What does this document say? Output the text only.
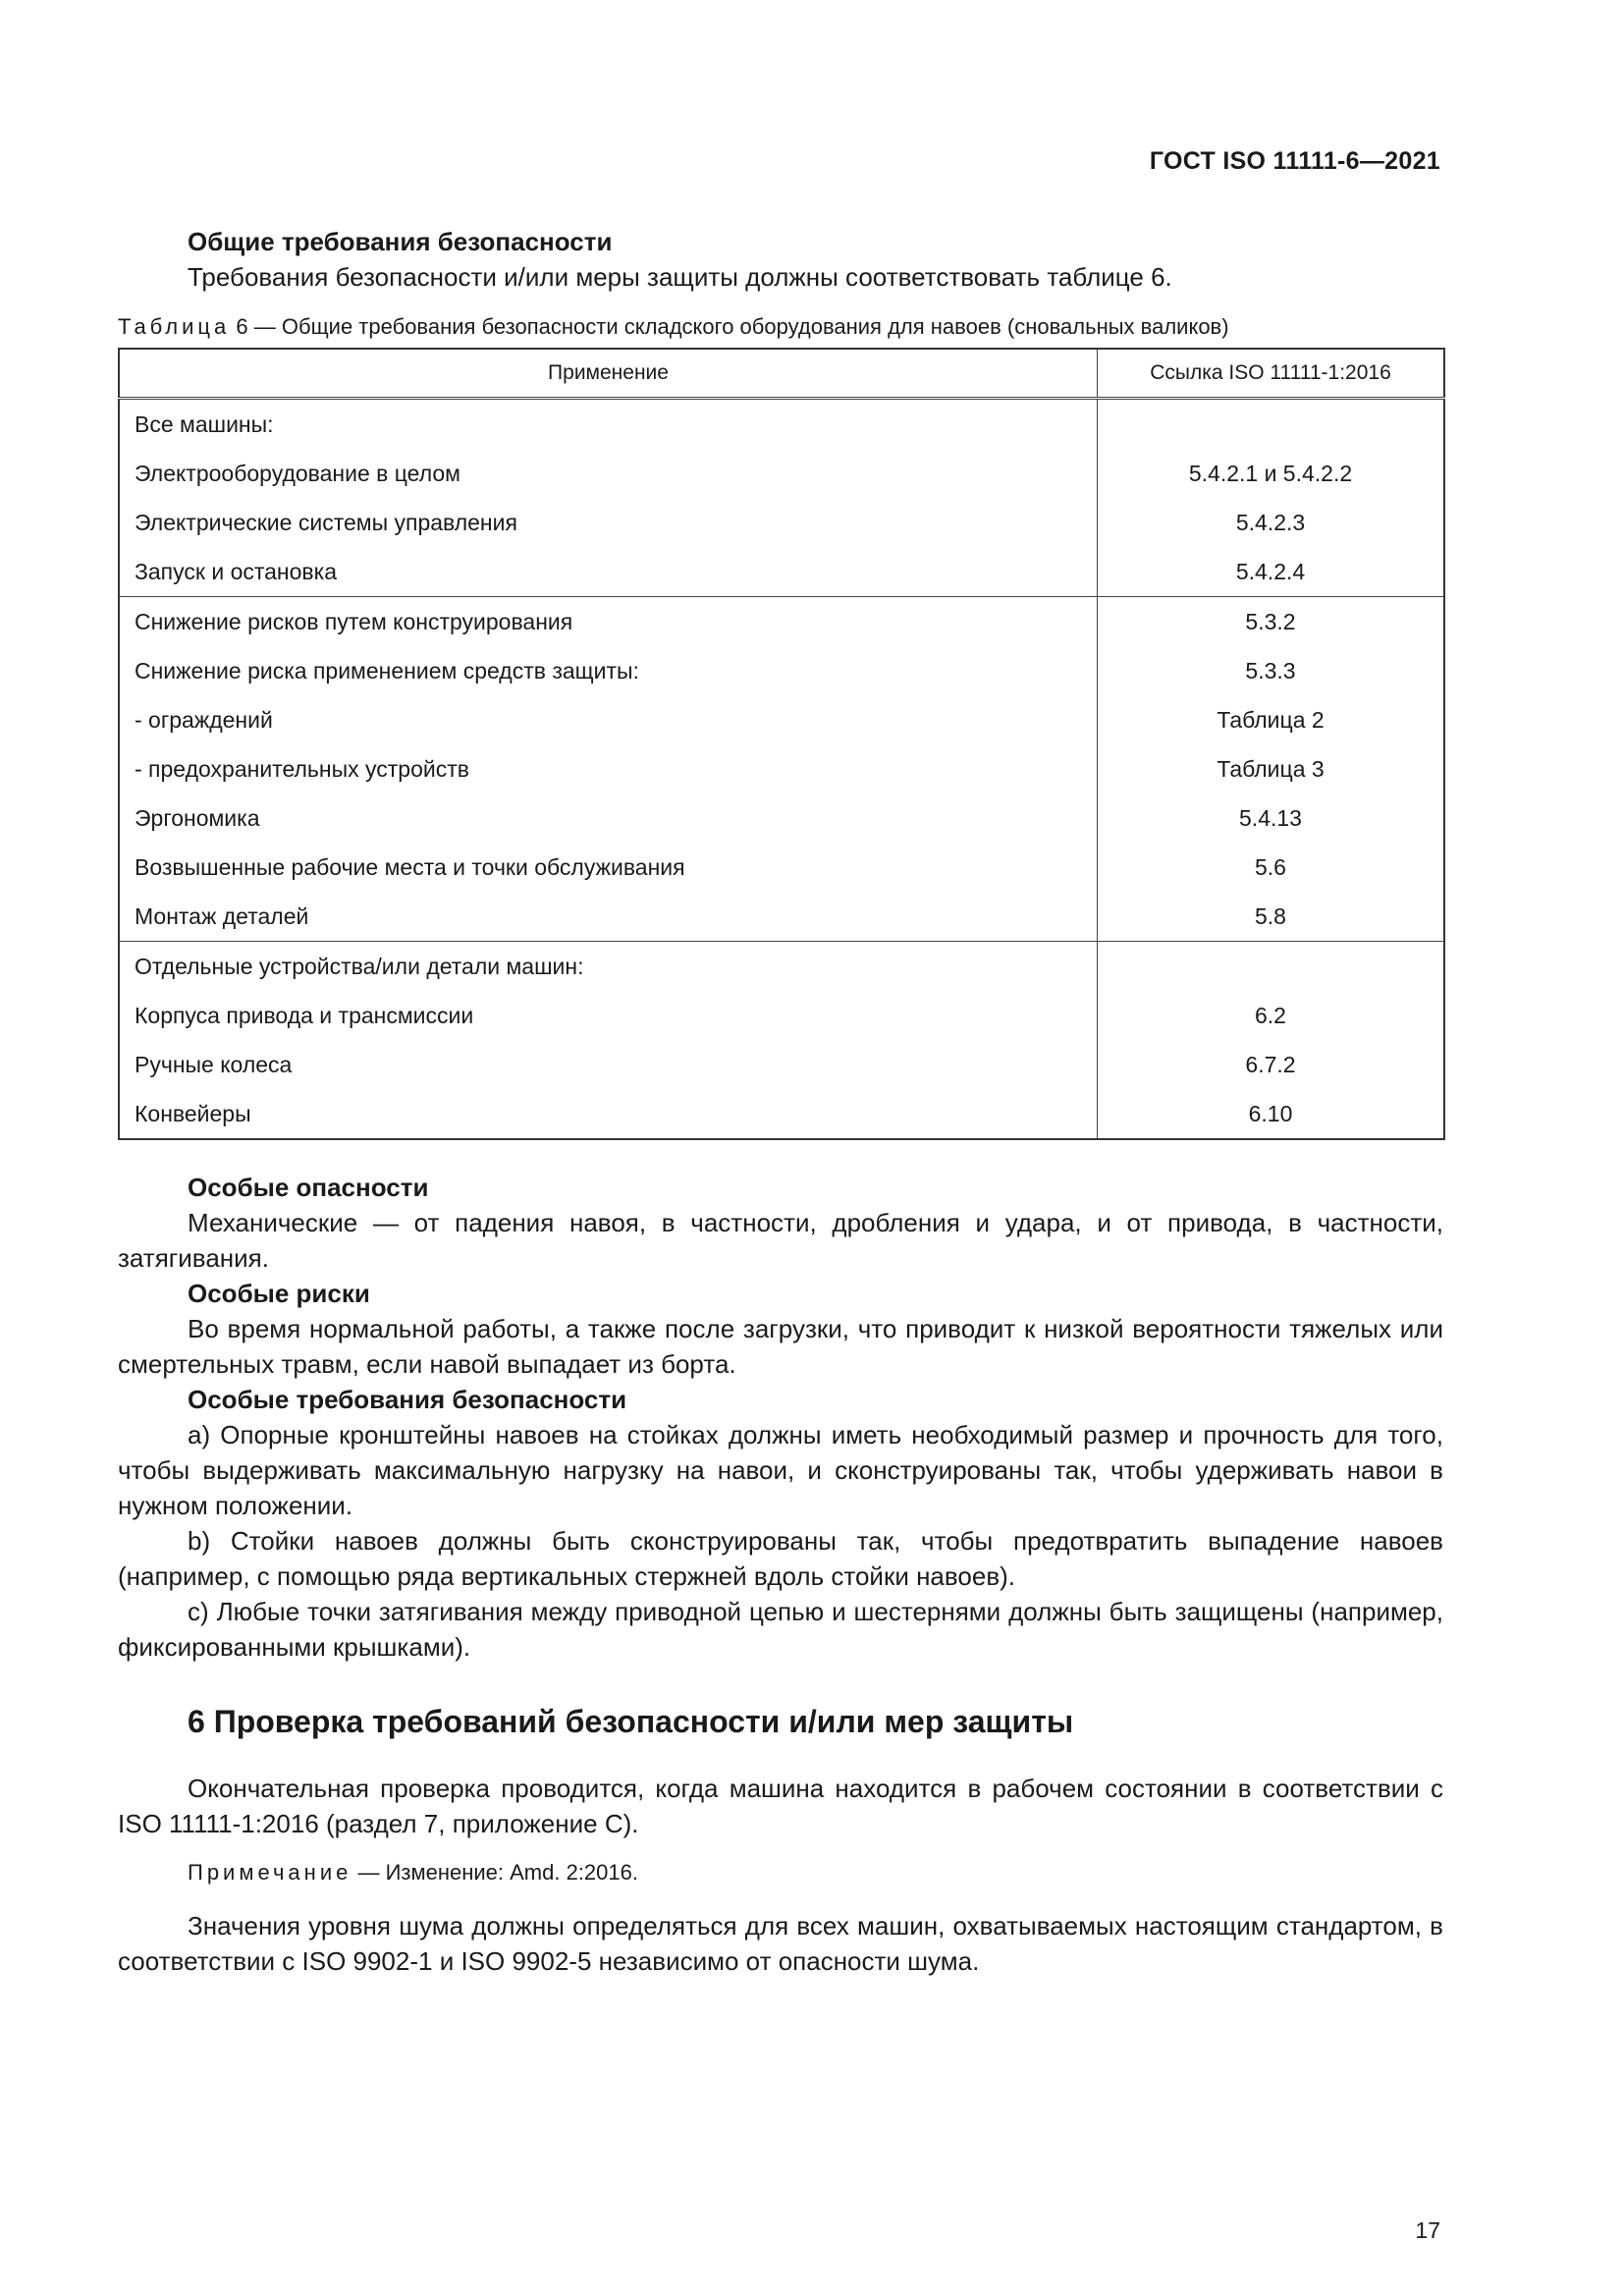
ГОСТ ISO 11111-6—2021

Общие требования безопасности

Требования безопасности и/или меры защиты должны соответствовать таблице 6.

Таблица 6 — Общие требования безопасности складского оборудования для навоев (сновальных валиков)
Применение	Ссылка ISO 11111-1:2016
Все машины:	
Электрооборудование в целом	5.4.2.1 и 5.4.2.2
Электрические системы управления	5.4.2.3
Запуск и остановка	5.4.2.4
Снижение рисков путем конструирования	5.3.2
Снижение риска применением средств защиты:	5.3.3
- ограждений	Таблица 2
- предохранительных устройств	Таблица 3
Эргономика	5.4.13
Возвышенные рабочие места и точки обслуживания	5.6
Монтаж деталей	5.8
Отдельные устройства/или детали машин:	
Корпуса привода и трансмиссии	6.2
Ручные колеса	6.7.2
Конвейеры	6.10

Особые опасности

Механические — от падения навоя, в частности, дробления и удара, и от привода, в частности, затягивания.

Особые риски

Во время нормальной работы, а также после загрузки, что приводит к низкой вероятности тяжелых или смертельных травм, если навой выпадает из борта.

Особые требования безопасности

a) Опорные кронштейны навоев на стойках должны иметь необходимый размер и прочность для того, чтобы выдерживать максимальную нагрузку на навои, и сконструированы так, чтобы удерживать навои в нужном положении.

b) Стойки навоев должны быть сконструированы так, чтобы предотвратить выпадение навоев (например, с помощью ряда вертикальных стержней вдоль стойки навоев).

c) Любые точки затягивания между приводной цепью и шестернями должны быть защищены (например, фиксированными крышками).

6 Проверка требований безопасности и/или мер защиты

Окончательная проверка проводится, когда машина находится в рабочем состоянии в соответствии с ISO 11111-1:2016 (раздел 7, приложение С).

Примечание — Изменение: Amd. 2:2016.

Значения уровня шума должны определяться для всех машин, охватываемых настоящим стандартом, в соответствии с ISO 9902-1 и ISO 9902-5 независимо от опасности шума.

17
